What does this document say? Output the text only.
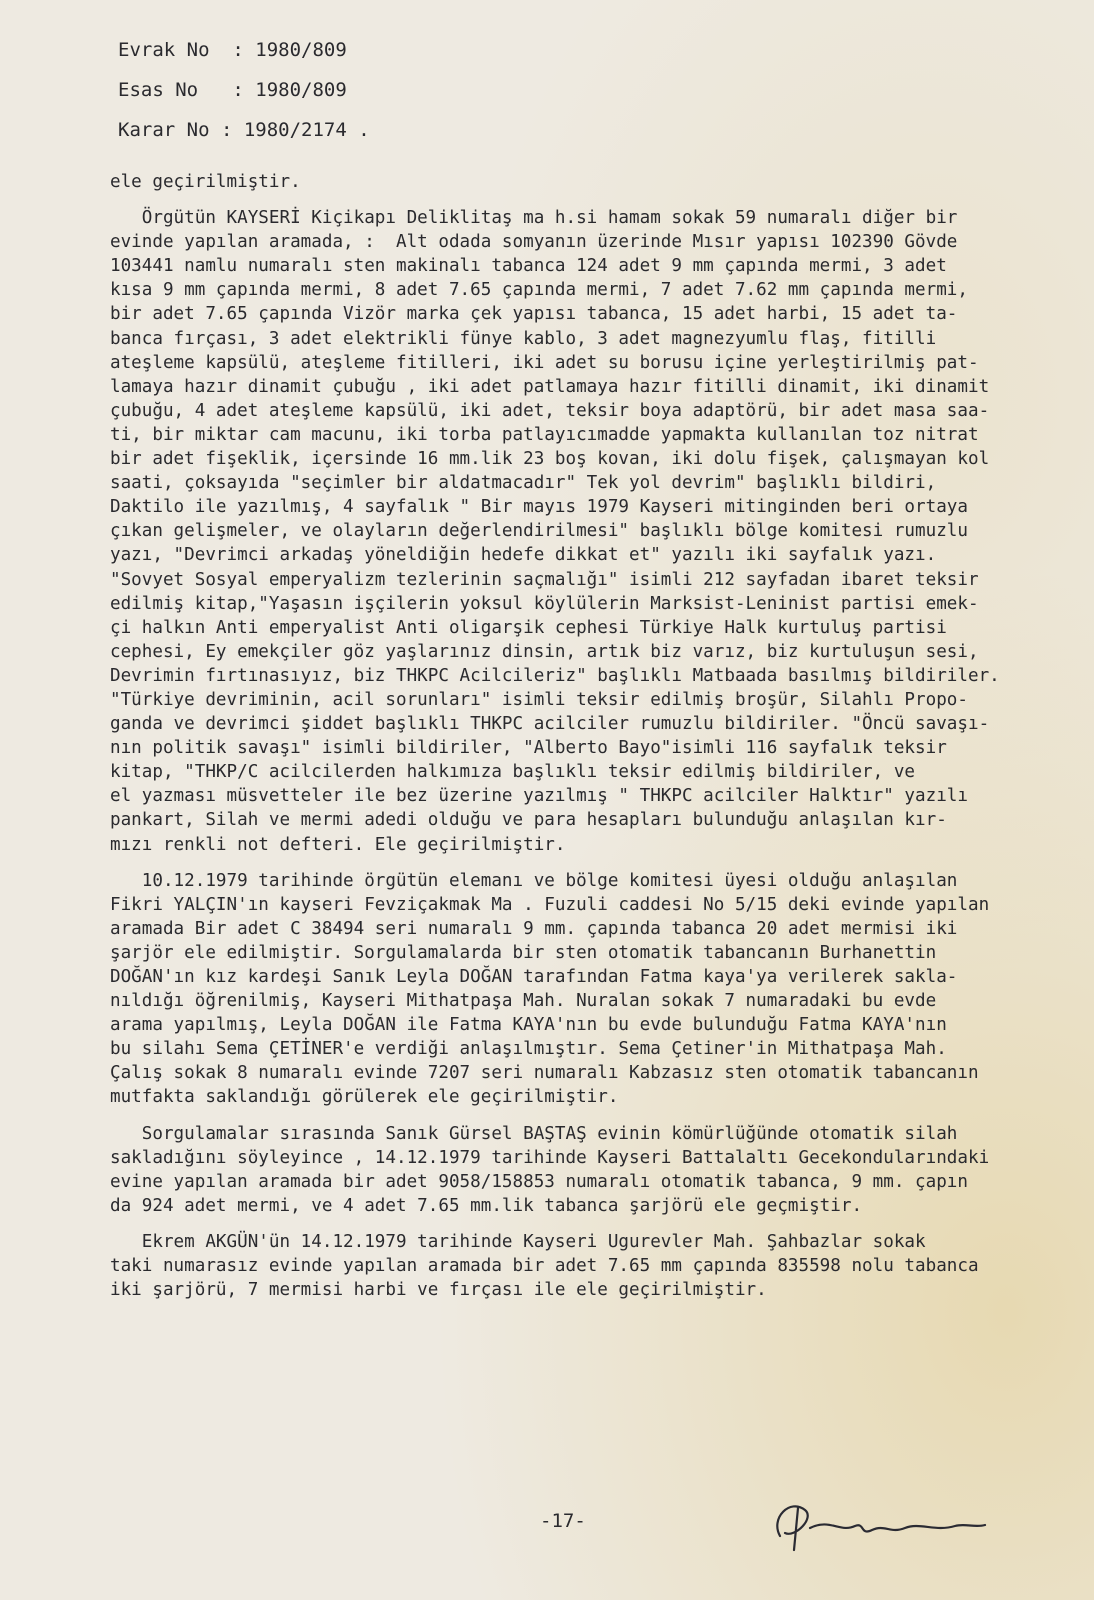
Evrak No  : 1980/809
Esas No   : 1980/809
Karar No : 1980/2174 .
ele geçirilmiştir.
Örgütün KAYSERİ Kiçikapı Deliklitaş ma h.si hamam sokak 59 numaralı diğer bir
evinde yapılan aramada, :  Alt odada somyanın üzerinde Mısır yapısı 102390 Gövde
103441 namlu numaralı sten makinalı tabanca 124 adet 9 mm çapında mermi, 3 adet
kısa 9 mm çapında mermi, 8 adet 7.65 çapında mermi, 7 adet 7.62 mm çapında mermi,
bir adet 7.65 çapında Vizör marka çek yapısı tabanca, 15 adet harbi, 15 adet ta-
banca fırçası, 3 adet elektrikli fünye kablo, 3 adet magnezyumlu flaş, fitilli
ateşleme kapsülü, ateşleme fitilleri, iki adet su borusu içine yerleştirilmiş pat-
lamaya hazır dinamit çubuğu , iki adet patlamaya hazır fitilli dinamit, iki dinamit
çubuğu, 4 adet ateşleme kapsülü, iki adet, teksir boya adaptörü, bir adet masa saa-
ti, bir miktar cam macunu, iki torba patlayıcımadde yapmakta kullanılan toz nitrat
bir adet fişeklik, içersinde 16 mm.lik 23 boş kovan, iki dolu fişek, çalışmayan kol
saati, çoksayıda "seçimler bir aldatmacadır" Tek yol devrim" başlıklı bildiri,
Daktilo ile yazılmış, 4 sayfalık " Bir mayıs 1979 Kayseri mitinginden beri ortaya
çıkan gelişmeler, ve olayların değerlendirilmesi" başlıklı bölge komitesi rumuzlu
yazı, "Devrimci arkadaş yöneldiğin hedefe dikkat et" yazılı iki sayfalık yazı.
"Sovyet Sosyal emperyalizm tezlerinin saçmalığı" isimli 212 sayfadan ibaret teksir
edilmiş kitap,"Yaşasın işçilerin yoksul köylülerin Marksist-Leninist partisi emek-
çi halkın Anti emperyalist Anti oligarşik cephesi Türkiye Halk kurtuluş partisi
cephesi, Ey emekçiler göz yaşlarınız dinsin, artık biz varız, biz kurtuluşun sesi,
Devrimin fırtınasıyız, biz THKPC Acilcileriz" başlıklı Matbaada basılmış bildiriler.
"Türkiye devriminin, acil sorunları" isimli teksir edilmiş broşür, Silahlı Propo-
ganda ve devrimci şiddet başlıklı THKPC acilciler rumuzlu bildiriler. "Öncü savaşı-
nın politik savaşı" isimli bildiriler, "Alberto Bayo"isimli 116 sayfalık teksir
kitap, "THKP/C acilcilerden halkımıza başlıklı teksir edilmiş bildiriler, ve
el yazması müsvetteler ile bez üzerine yazılmış " THKPC acilciler Halktır" yazılı
pankart, Silah ve mermi adedi olduğu ve para hesapları bulunduğu anlaşılan kır-
mızı renkli not defteri. Ele geçirilmiştir.
10.12.1979 tarihinde örgütün elemanı ve bölge komitesi üyesi olduğu anlaşılan
Fikri YALÇIN'ın kayseri Fevziçakmak Ma . Fuzuli caddesi No 5/15 deki evinde yapılan
aramada Bir adet C 38494 seri numaralı 9 mm. çapında tabanca 20 adet mermisi iki
şarjör ele edilmiştir. Sorgulamalarda bir sten otomatik tabancanın Burhanettin
DOĞAN'ın kız kardeşi Sanık Leyla DOĞAN tarafından Fatma kaya'ya verilerek sakla-
nıldığı öğrenilmiş, Kayseri Mithatpaşa Mah. Nuralan sokak 7 numaradaki bu evde
arama yapılmış, Leyla DOĞAN ile Fatma KAYA'nın bu evde bulunduğu Fatma KAYA'nın
bu silahı Sema ÇETİNER'e verdiği anlaşılmıştır. Sema Çetiner'in Mithatpaşa Mah.
Çalış sokak 8 numaralı evinde 7207 seri numaralı Kabzasız sten otomatik tabancanın
mutfakta saklandığı görülerek ele geçirilmiştir.
Sorgulamalar sırasında Sanık Gürsel BAŞTAŞ evinin kömürlüğünde otomatik silah
sakladığını söyleyince , 14.12.1979 tarihinde Kayseri Battalaltı Gecekondularındaki
evine yapılan aramada bir adet 9058/158853 numaralı otomatik tabanca, 9 mm. çapın
da 924 adet mermi, ve 4 adet 7.65 mm.lik tabanca şarjörü ele geçmiştir.
Ekrem AKGÜN'ün 14.12.1979 tarihinde Kayseri Ugurevler Mah. Şahbazlar sokak
taki numarasız evinde yapılan aramada bir adet 7.65 mm çapında 835598 nolu tabanca
iki şarjörü, 7 mermisi harbi ve fırçası ile ele geçirilmiştir.
-17-
